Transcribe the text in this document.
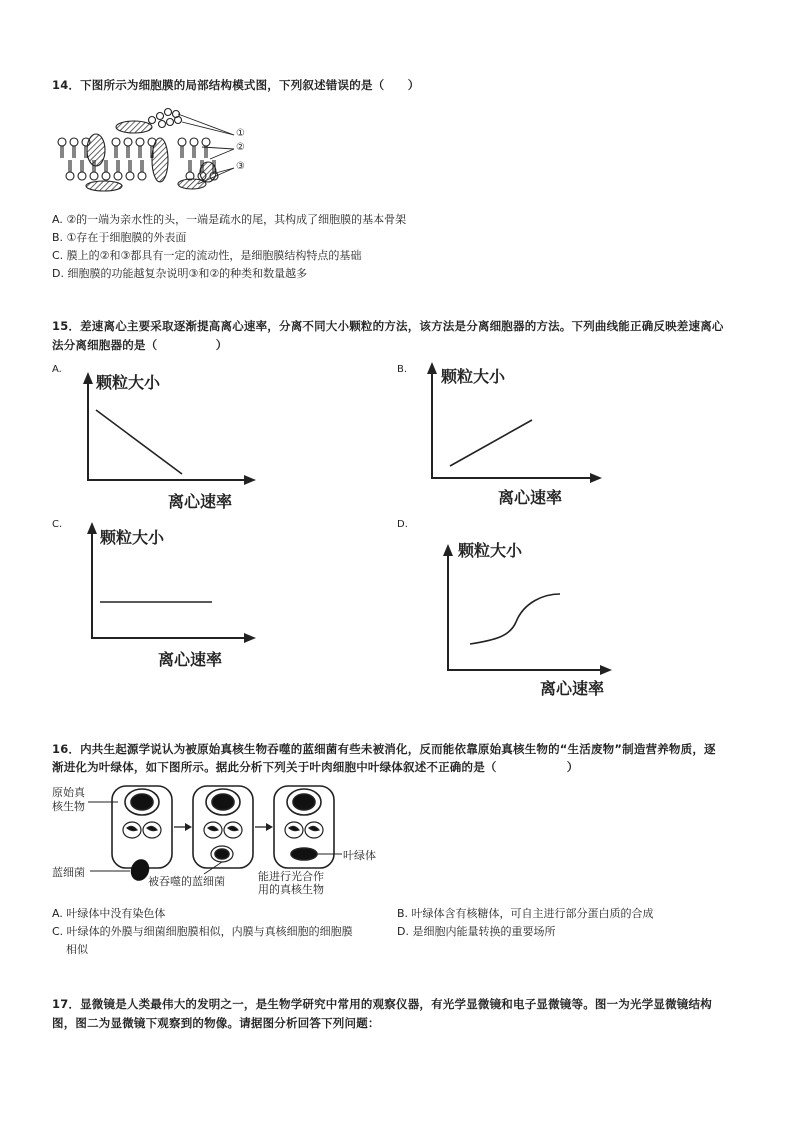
14．下图所示为细胞膜的局部结构模式图，下列叙述错误的是（　　）
①
②
③
A. ②的一端为亲水性的头，一端是疏水的尾，其构成了细胞膜的基本骨架
B. ①存在于细胞膜的外表面
C. 膜上的②和③都具有一定的流动性，是细胞膜结构特点的基础
D. 细胞膜的功能越复杂说明③和②的种类和数量越多
15．差速离心主要采取逐渐提高离心速率，分离不同大小颗粒的方法，该方法是分离细胞器的方法。下列曲线能正确反映差速离心
法分离细胞器的是（　　　　　）
A.
颗粒大小
离心速率
B. 颗粒大小
离心速率
C.
颗粒大小
离心速率
D.
颗粒大小
离心速率
16．内共生起源学说认为被原始真核生物吞噬的蓝细菌有些未被消化，反而能依靠原始真核生物的“生活废物”制造营养物质，逐
渐进化为叶绿体，如下图所示。据此分析下列关于叶肉细胞中叶绿体叙述不正确的是（　　　　　　）
原始真
核生物
蓝细菌
被吞噬的蓝细菌
叶绿体
能进行光合作
用的真核生物
A. 叶绿体中没有染色体	B. 叶绿体含有核糖体，可自主进行部分蛋白质的合成
C. 叶绿体的外膜与细菌细胞膜相似，内膜与真核细胞的细胞膜
相似
D. 是细胞内能量转换的重要场所
17．显微镜是人类最伟大的发明之一，是生物学研究中常用的观察仪器，有光学显微镜和电子显微镜等。图一为光学显微镜结构
图，图二为显微镜下观察到的物像。请据图分析回答下列问题：
